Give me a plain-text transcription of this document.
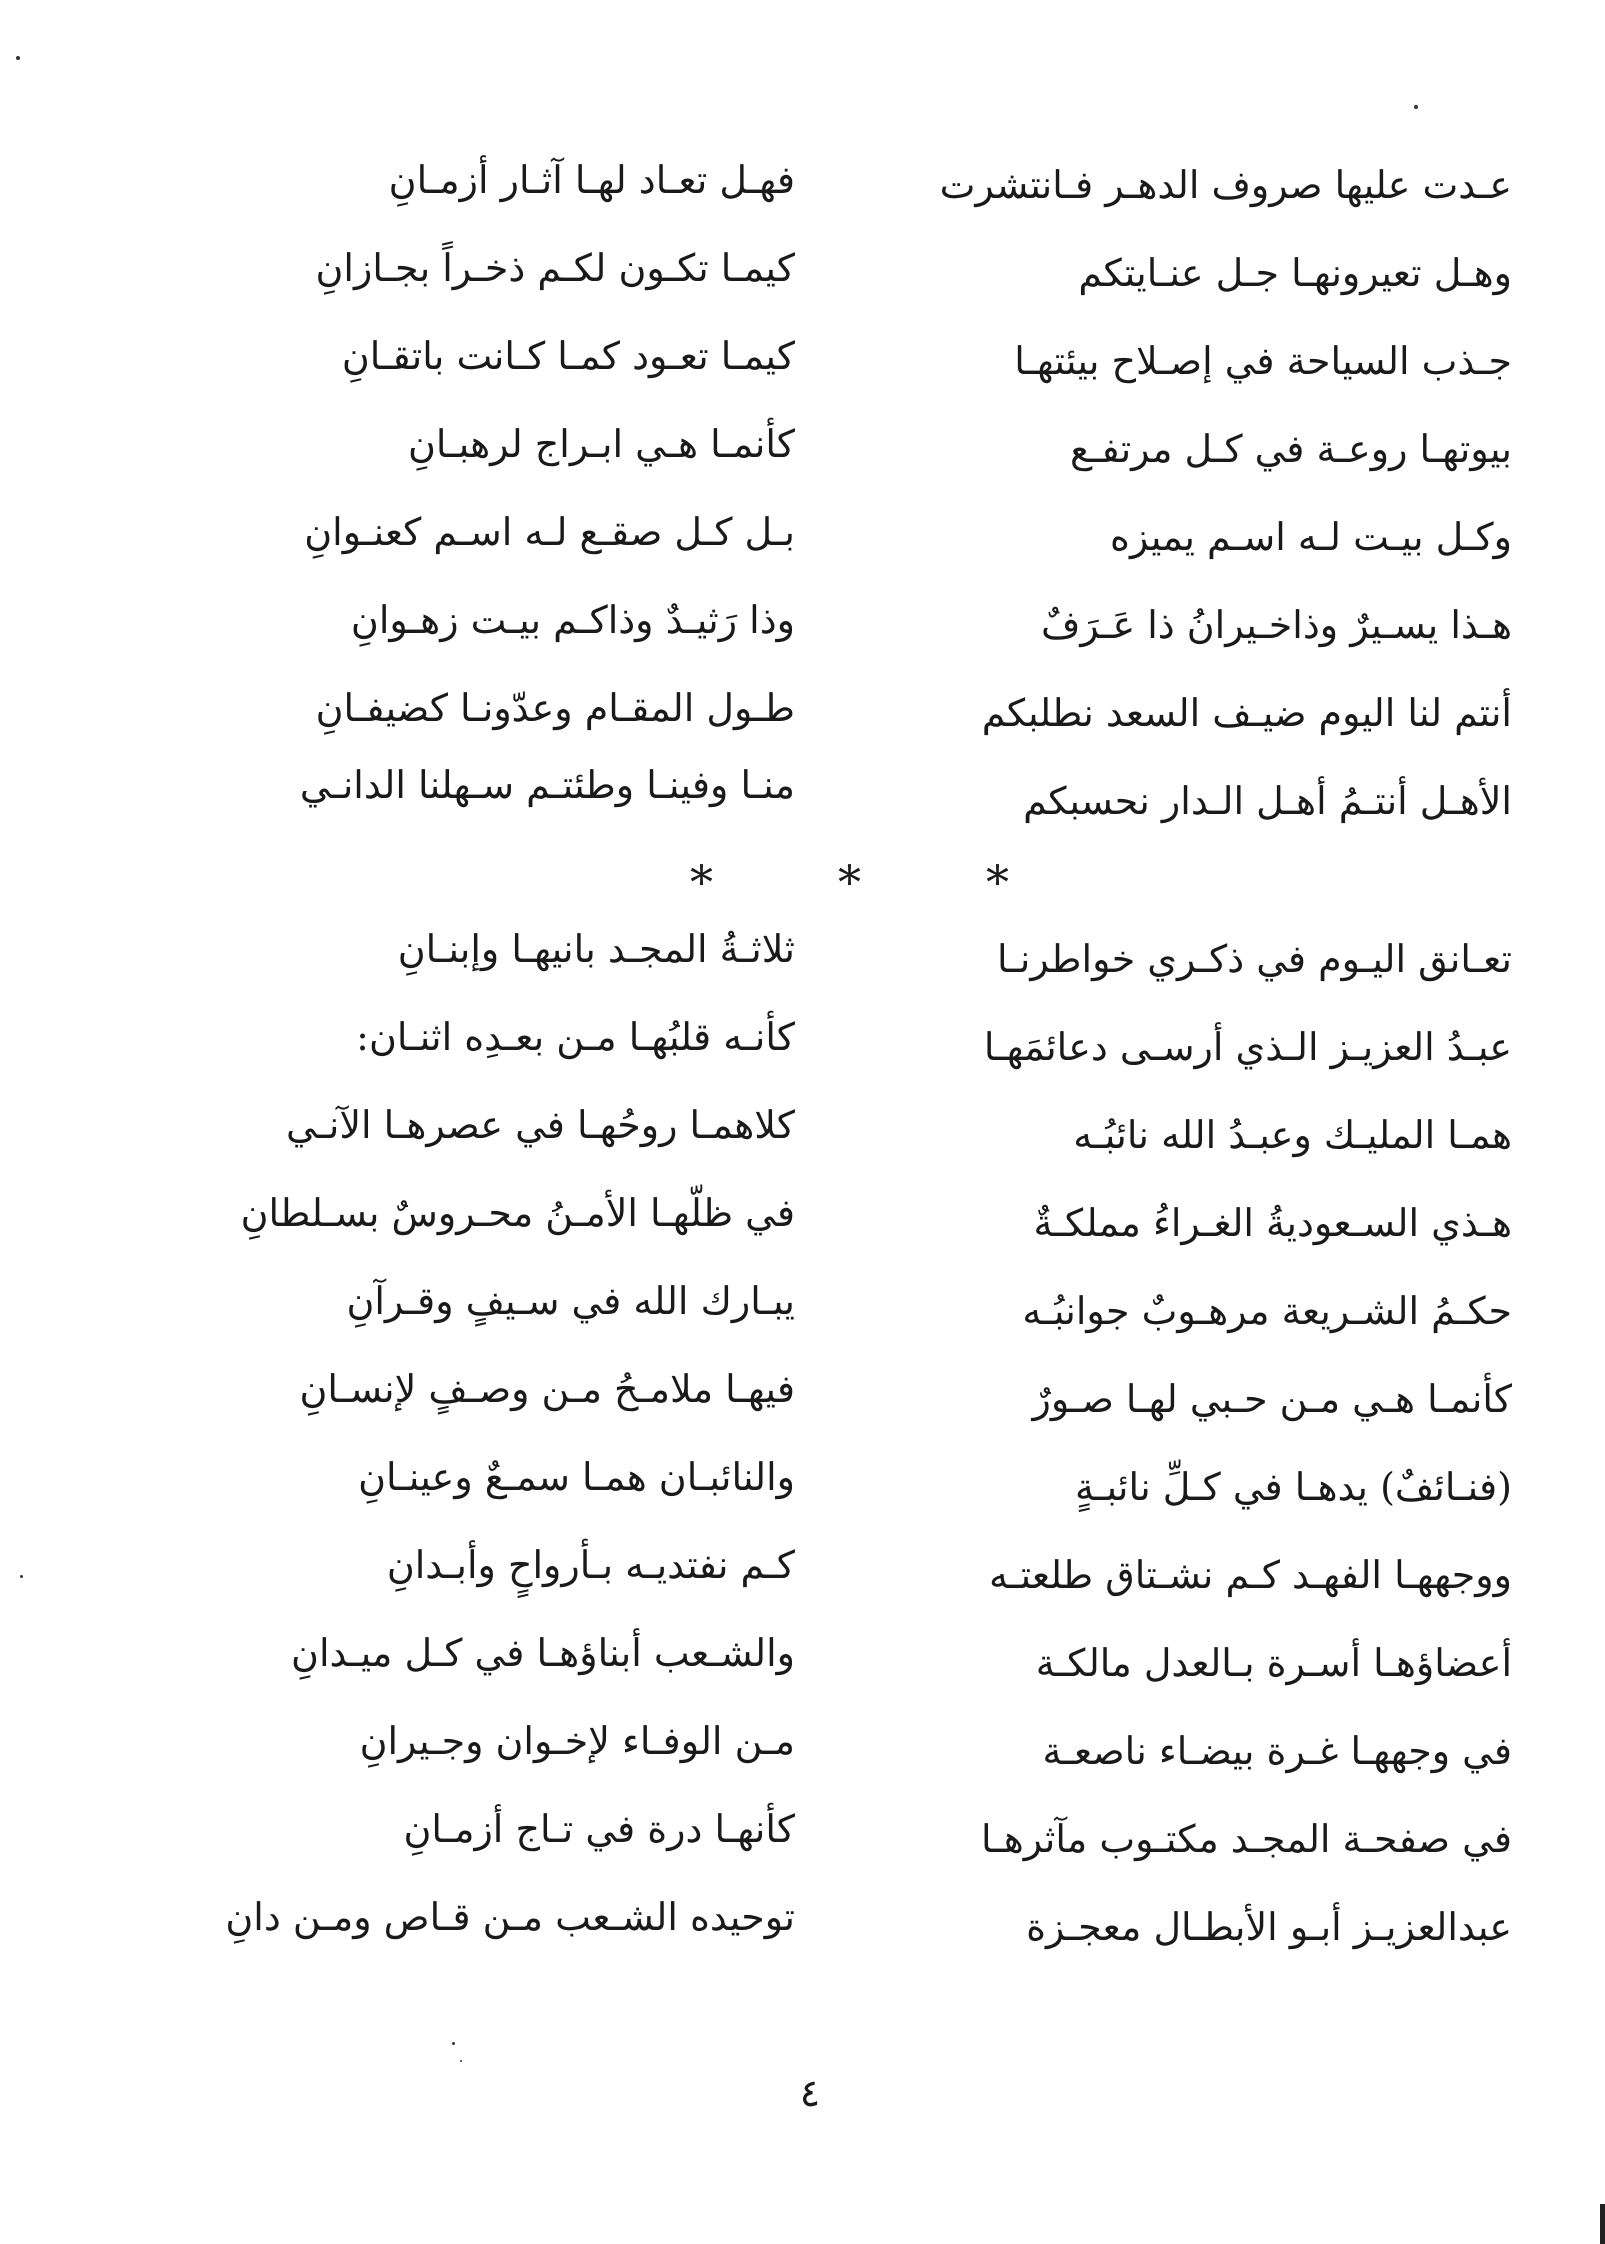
عـدت عليها صروف الدهـر فـانتشرت
وهـل تعيرونهـا جـل عنـايتكم
جـذب السياحة في إصـلاح بيئتهـا
بيوتهـا روعـة في كـل مرتفـع
وكـل بيـت لـه اسـم يميزه
هـذا يسـيرٌ وذاخـيرانُ ذا عَـرَفٌ
أنتم لنا اليوم ضيـف السعد نطلبكم
الأهـل أنتـمُ أهـل الـدار نحسبكم
فهـل تعـاد لهـا آثـار أزمـانِ
كيمـا تكـون لكـم ذخـراً بجـازانِ
كيمـا تعـود كمـا كـانت باتقـانِ
كأنمـا هـي ابـراج لرهبـانِ
بـل كـل صقـع لـه اسـم كعنـوانِ
وذا رَثيـدٌ وذاكـم بيـت زهـوانِ
طـول المقـام وعدّونـا كضيفـانِ
منـا وفينـا وطئتـم سـهلنا الدانـي
*
*
*
تعـانق اليـوم في ذكـري خواطرنـا
عبـدُ العزيـز الـذي أرسـى دعائمَهـا
همـا المليـك وعبـدُ الله نائبُـه
هـذي السـعوديةُ الغـراءُ مملكـةٌ
حكـمُ الشـريعة مرهـوبٌ جوانبُـه
كأنمـا هـي مـن حـبي لهـا صـورٌ
(فنـائفٌ) يدهـا في كـلِّ نائبـةٍ
ووجههـا الفهـد كـم نشـتاق طلعتـه
أعضاؤهـا أسـرة بـالعدل مالكـة
في وجههـا غـرة بيضـاء ناصعـة
في صفحـة المجـد مكتـوب مآثرهـا
عبدالعزيـز أبـو الأبطـال معجـزة
ثلاثـةُ المجـد بانيهـا وإبنـانِ
كأنـه قلبُهـا مـن بعـدِه اثنـان:
كلاهمـا روحُهـا في عصرهـا الآنـي
في ظلّهـا الأمـنُ محـروسٌ بسـلطانِ
يبـارك الله في سـيفٍ وقـرآنِ
فيهـا ملامـحُ مـن وصـفٍ لإنسـانِ
والنائبـان همـا سمـعٌ وعينـانِ
كـم نفتديـه بـأرواحٍ وأبـدانِ
والشـعب أبناؤهـا في كـل ميـدانِ
مـن الوفـاء لإخـوان وجـيرانِ
كأنهـا درة في تـاج أزمـانِ
توحيده الشـعب مـن قـاص ومـن دانِ
٤
